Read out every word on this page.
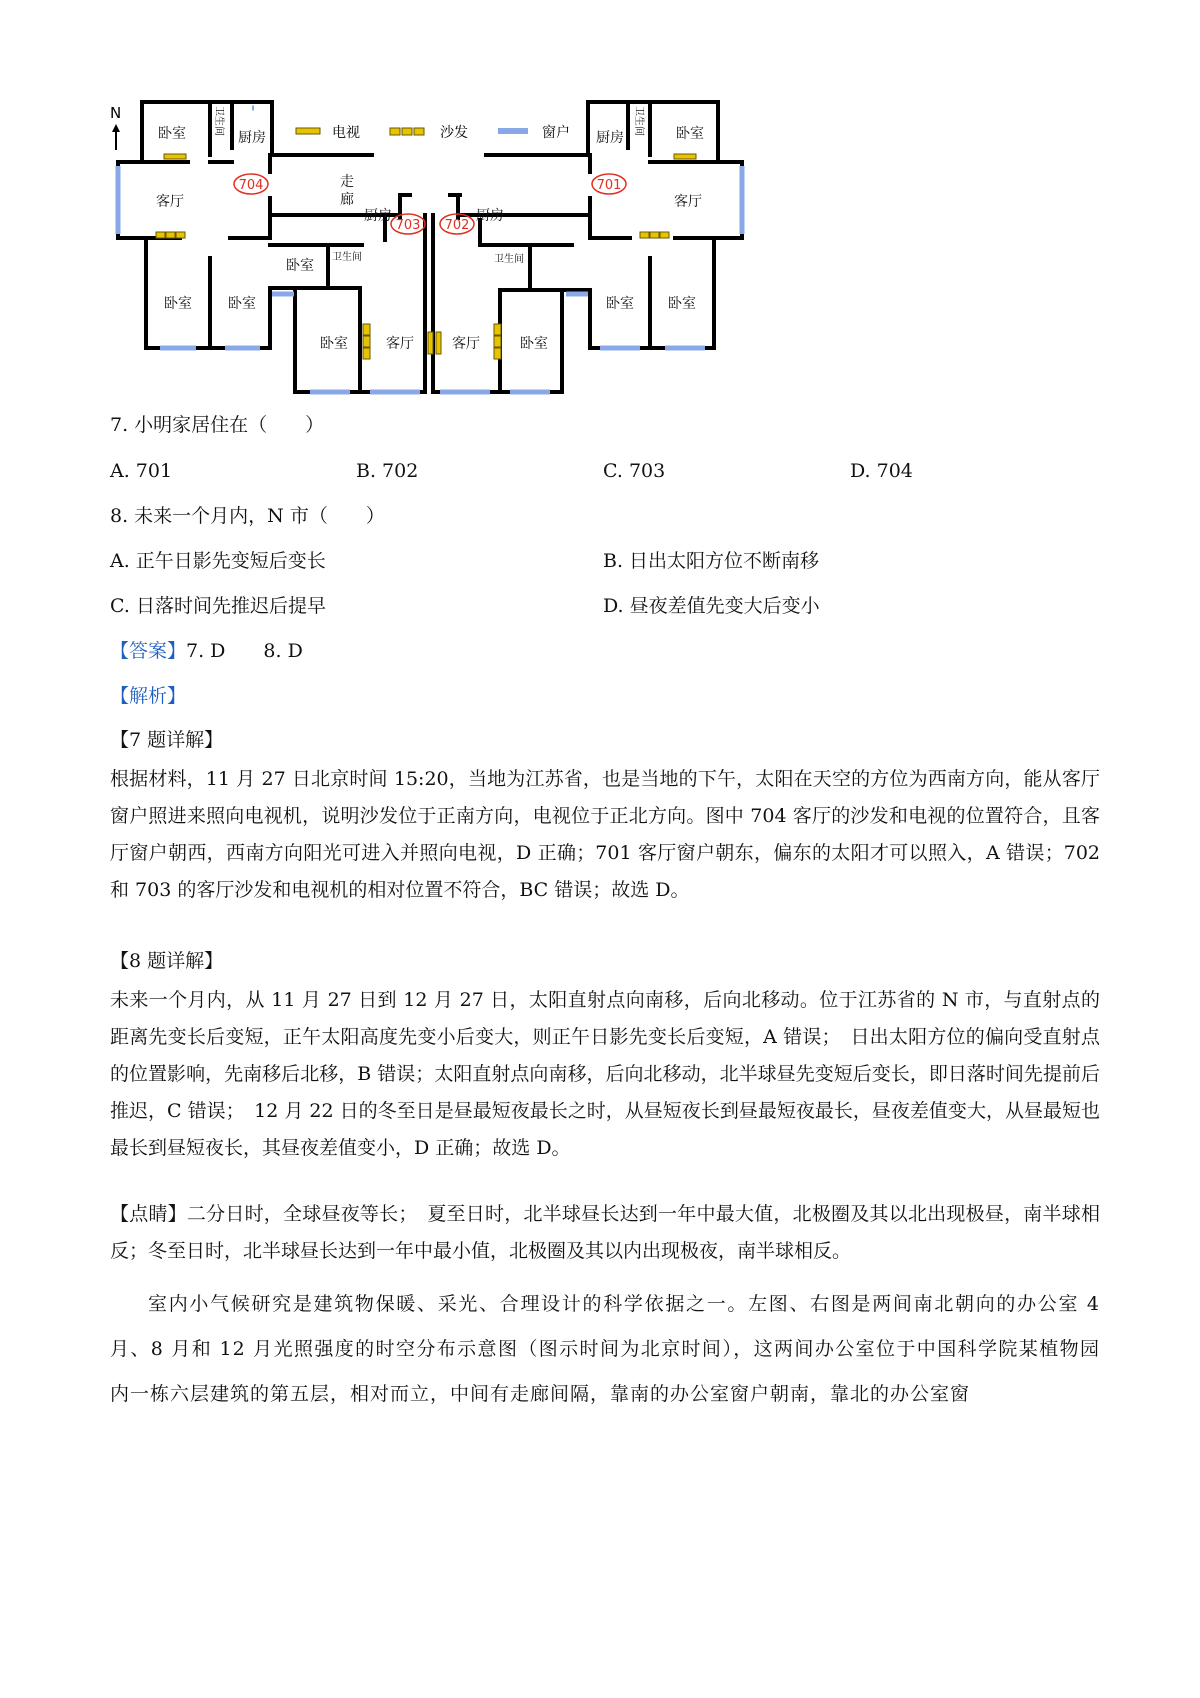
电视	沙发	窗户
N
卧室	厨房
客厅
卧室	卧室
走
廊
厨房
卧室
卧室	客厅	客厅
厨房
卧室
厨房	卧室
客厅
卧室 卧室
卫生间	卫生间
卫生间	卫生间
704	701
703 702
7. 小明家居住在（　　）
A. 701	B. 702	C. 703	D. 704
8. 未来一个月内，N 市（　　）
A. 正午日影先变短后变长	B. 日出太阳方位不断南移
C. 日落时间先推迟后提早	D. 昼夜差值先变大后变小
【答案】7. D　　8. D
【解析】
【7 题详解】

根据材料，11 月 27 日北京时间 15:20，当地为江苏省，也是当地的下午，太阳在天空的方位为西南方向，能从客厅窗户照进来照向电视机，说明沙发位于正南方向，电视位于正北方向。图中 704 客厅的沙发和电视的位置符合，且客厅窗户朝西，西南方向阳光可进入并照向电视，D 正确；701 客厅窗户朝东，偏东的太阳才可以照入，A 错误；702 和 703 的客厅沙发和电视机的相对位置不符合，BC 错误；故选 D。

【8 题详解】

未来一个月内，从 11 月 27 日到 12 月 27 日，太阳直射点向南移，后向北移动。位于江苏省的 N 市，与直射点的距离先变长后变短，正午太阳高度先变小后变大，则正午日影先变长后变短，A 错误；　日出太阳方位的偏向受直射点的位置影响，先南移后北移，B 错误；太阳直射点向南移，后向北移动，北半球昼先变短后变长，即日落时间先提前后推迟，C 错误；　12 月 22 日的冬至日是昼最短夜最长之时，从昼短夜长到昼最短夜最长，昼夜差值变大，从昼最短也最长到昼短夜长，其昼夜差值变小，D 正确；故选 D。

【点睛】二分日时，全球昼夜等长；　夏至日时，北半球昼长达到一年中最大值，北极圈及其以北出现极昼，南半球相反；冬至日时，北半球昼长达到一年中最小值，北极圈及其以内出现极夜，南半球相反。

室内小气候研究是建筑物保暖、采光、合理设计的科学依据之一。左图、右图是两间南北朝向的办公室 4 月、8 月和 12 月光照强度的时空分布示意图（图示时间为北京时间），这两间办公室位于中国科学院某植物园内一栋六层建筑的第五层，相对而立，中间有走廊间隔，靠南的办公室窗户朝南，靠北的办公室窗
